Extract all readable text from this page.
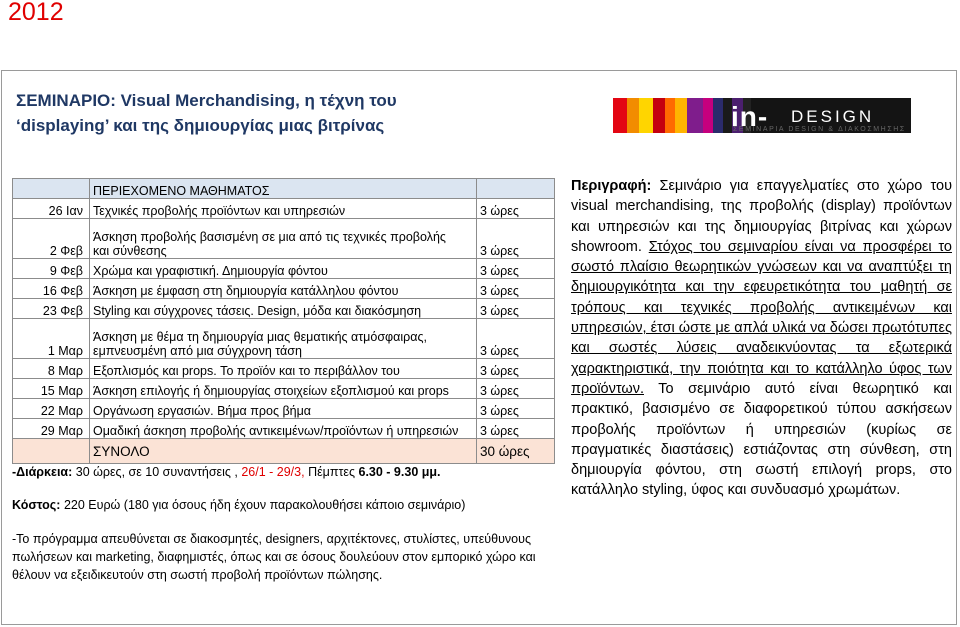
2012
ΣΕΜΙΝΑΡΙΟ: Visual Merchandising, η τέχνη του
‘displaying’ και της δημιουργίας μιας βιτρίνας	in- DESIGN
ΣΕΜΙΝΑΡΙΑ DESIGN & ΔΙΑΚΟΣΜΗΣΗΣ
	ΠΕΡΙΕΧΟΜΕΝΟ ΜΑΘΗΜΑΤΟΣ	
26 Ιαν	Τεχνικές προβολής προϊόντων και υπηρεσιών	3 ώρες
2 Φεβ	Άσκηση προβολής βασισμένη σε μια από τις τεχνικές προβολής
και σύνθεσης	3 ώρες
9 Φεβ	Χρώμα και γραφιστική. Δημιουργία φόντου	3 ώρες
16 Φεβ	Άσκηση με έμφαση στη δημιουργία κατάλληλου φόντου	3 ώρες
23 Φεβ	Styling και σύγχρονες τάσεις. Design, μόδα και διακόσμηση	3 ώρες
1 Μαρ	Άσκηση με θέμα τη δημιουργία μιας θεματικής ατμόσφαιρας,
εμπνευσμένη από μια σύγχρονη τάση	3 ώρες
8 Μαρ	Εξοπλισμός και props. Το προϊόν και το περιβάλλον του	3 ώρες
15 Μαρ	Άσκηση επιλογής ή δημιουργίας στοιχείων εξοπλισμού και props	3 ώρες
22 Μαρ	Οργάνωση εργασιών. Βήμα προς βήμα	3 ώρες
29 Μαρ	Ομαδική άσκηση προβολής αντικειμένων/προϊόντων ή υπηρεσιών	3 ώρες
	ΣΥΝΟΛΟ	30 ώρες
-Διάρκεια: 30 ώρες, σε 10 συναντήσεις , 26/1 - 29/3, Πέμπτες 6.30 - 9.30 μμ.
Κόστος: 220 Ευρώ (180 για όσους ήδη έχουν παρακολουθήσει κάποιο σεμινάριο)
-Το πρόγραμμα απευθύνεται σε διακοσμητές, designers, αρχιτέκτονες, στυλίστες, υπεύθυνους πωλήσεων και marketing, διαφημιστές, όπως και σε όσους δουλεύουν στον εμπορικό χώρο και θέλουν να εξειδικευτούν στη σωστή προβολή προϊόντων πώλησης.
Περιγραφή: Σεμινάριο για επαγγελματίες στο χώρο του visual merchandising, της προβολής (display) προϊόντων και υπηρεσιών και της δημιουργίας βιτρίνας και χώρων showroom. Στόχος του σεμιναρίου είναι να προσφέρει το σωστό πλαίσιο θεωρητικών γνώσεων και να αναπτύξει τη δημιουργικότητα και την εφευρετικότητα του μαθητή σε τρόπους και τεχνικές προβολής αντικειμένων και υπηρεσιών, έτσι ώστε με απλά υλικά να δώσει πρωτότυπες και σωστές λύσεις αναδεικνύοντας τα εξωτερικά χαρακτηριστικά, την ποιότητα και το κατάλληλο ύφος των προϊόντων. Το σεμινάριο αυτό είναι θεωρητικό και πρακτικό, βασισμένο σε διαφορετικού τύπου ασκήσεων προβολής προϊόντων ή υπηρεσιών (κυρίως σε πραγματικές διαστάσεις) εστιάζοντας στη σύνθεση, στη δημιουργία φόντου, στη σωστή επιλογή props, στο κατάλληλο styling, ύφος και συνδυασμό χρωμάτων.
